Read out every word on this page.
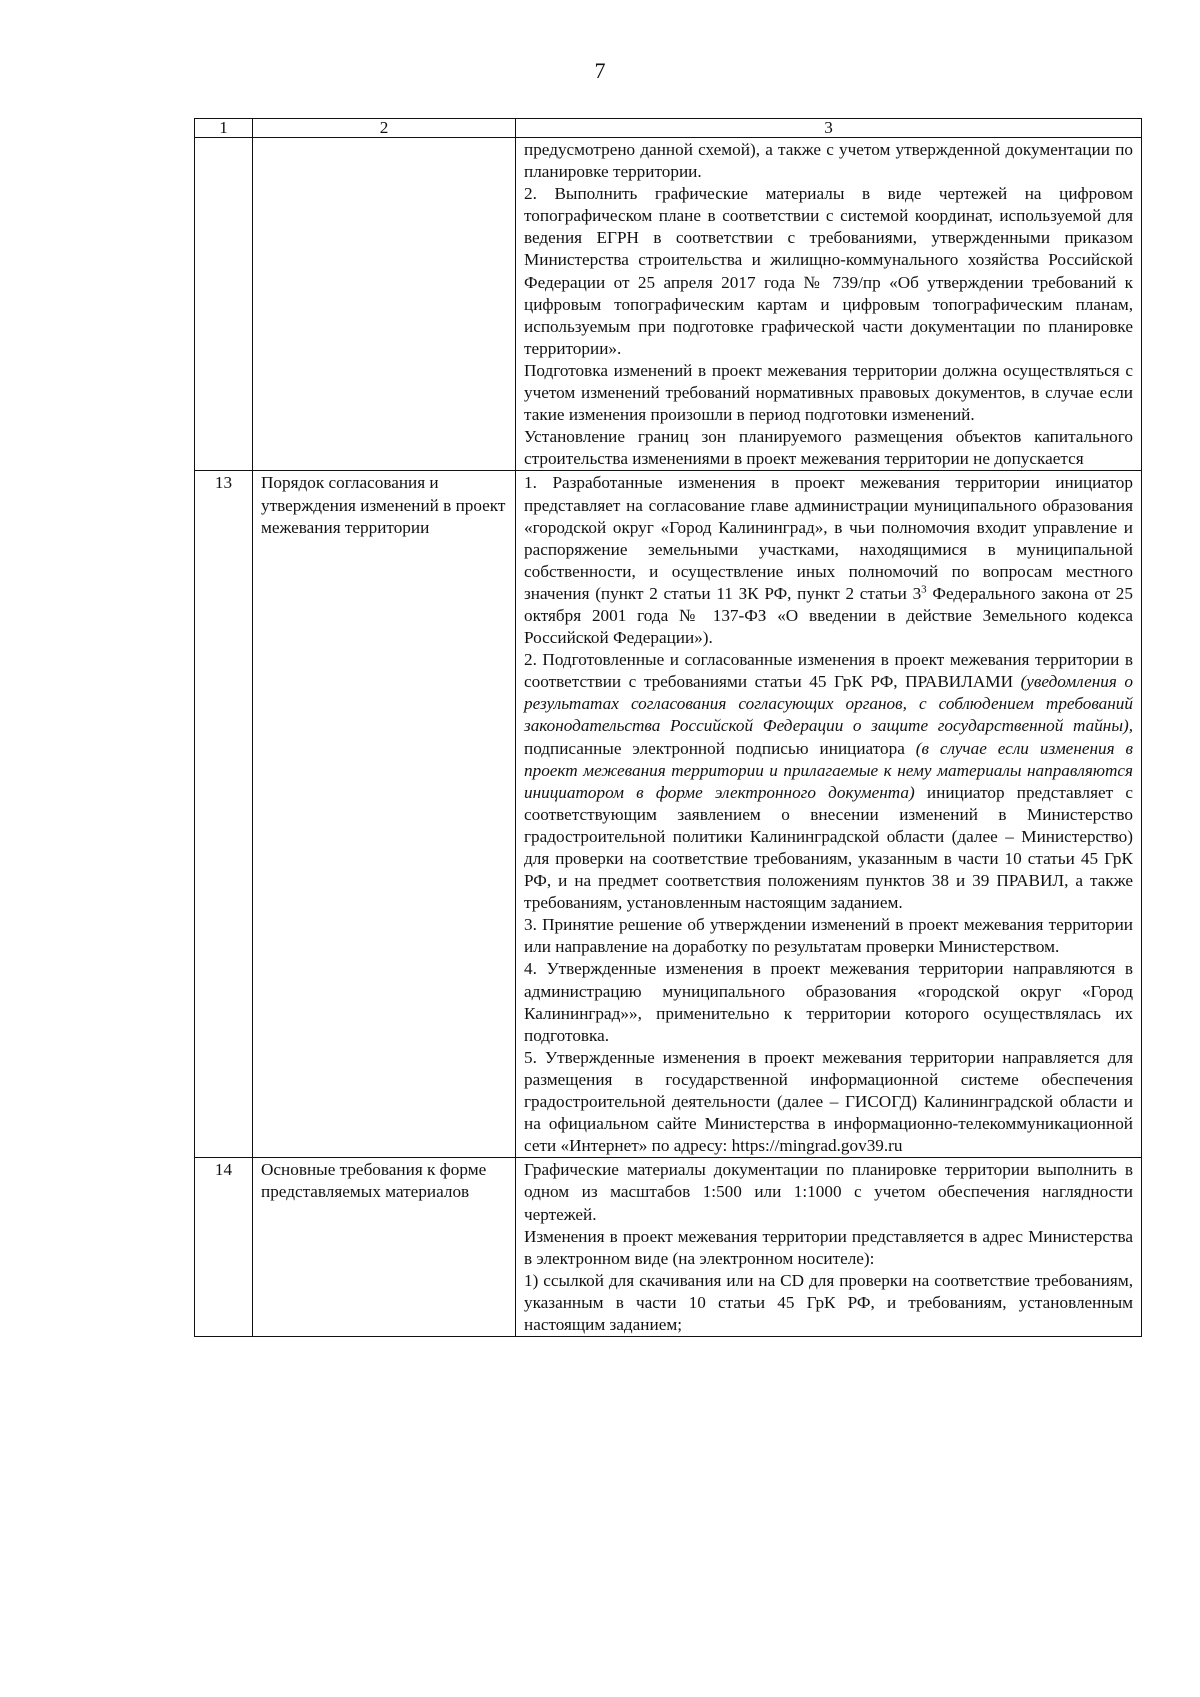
7
1	2	3

		предусмотрено данной схемой), а также с учетом утвержденной документации по планировке территории.
2. Выполнить графические материалы в виде чертежей на цифровом топографическом плане в соответствии с системой координат, используемой для ведения ЕГРН в соответствии с требованиями, утвержденными приказом Министерства строительства и жилищно-коммунального хозяйства Российской Федерации от 25 апреля 2017 года № 739/пр «Об утверждении требований к цифровым топографическим картам и цифровым топографическим планам, используемым при подготовке графической части документации по планировке территории».
Подготовка изменений в проект межевания территории должна осуществляться с учетом изменений требований нормативных правовых документов, в случае если такие изменения произошли в период подготовки изменений.
Установление границ зон планируемого размещения объектов капитального строительства изменениями в проект межевания территории не допускается

13	Порядок согласования и утверждения изменений в проект межевания территории	1. Разработанные изменения в проект межевания территории инициатор представляет на согласование главе администрации муниципального образования «городской округ «Город Калининград», в чьи полномочия входит управление и распоряжение земельными участками, находящимися в муниципальной собственности, и осуществление иных полномочий по вопросам местного значения (пункт 2 статьи 11 ЗК РФ, пункт 2 статьи $3^3$ Федерального закона от 25 октября 2001 года № 137-ФЗ «О введении в действие Земельного кодекса Российской Федерации»).
2. Подготовленные и согласованные изменения в проект межевания территории в соответствии с требованиями статьи 45 ГрК РФ, ПРАВИЛАМИ (уведомления о результатах согласования согласующих органов, с соблюдением требований законодательства Российской Федерации о защите государственной тайны), подписанные электронной подписью инициатора (в случае если изменения в проект межевания территории и прилагаемые к нему материалы направляются инициатором в форме электронного документа) инициатор представляет с соответствующим заявлением о внесении изменений в Министерство градостроительной политики Калининградской области (далее – Министерство) для проверки на соответствие требованиям, указанным в части 10 статьи 45 ГрК РФ, и на предмет соответствия положениям пунктов 38 и 39 ПРАВИЛ, а также требованиям, установленным настоящим заданием.
3. Принятие решение об утверждении изменений в проект межевания территории или направление на доработку по результатам проверки Министерством.
4. Утвержденные изменения в проект межевания территории направляются в администрацию муниципального образования «городской округ «Город Калининград»», применительно к территории которого осуществлялась их подготовка.
5. Утвержденные изменения в проект межевания территории направляется для размещения в государственной информационной системе обеспечения градостроительной деятельности (далее – ГИСОГД) Калининградской области и на официальном сайте Министерства в информационно-телекоммуникационной сети «Интернет» по адресу: https://mingrad.gov39.ru

14	Основные требования к форме представляемых материалов	Графические материалы документации по планировке территории выполнить в одном из масштабов 1:500 или 1:1000 с учетом обеспечения наглядности чертежей.
Изменения в проект межевания территории представляется в адрес Министерства в электронном виде (на электронном носителе):
1) ссылкой для скачивания или на CD для проверки на соответствие требованиям, указанным в части 10 статьи 45 ГрК РФ, и требованиям, установленным настоящим заданием;
